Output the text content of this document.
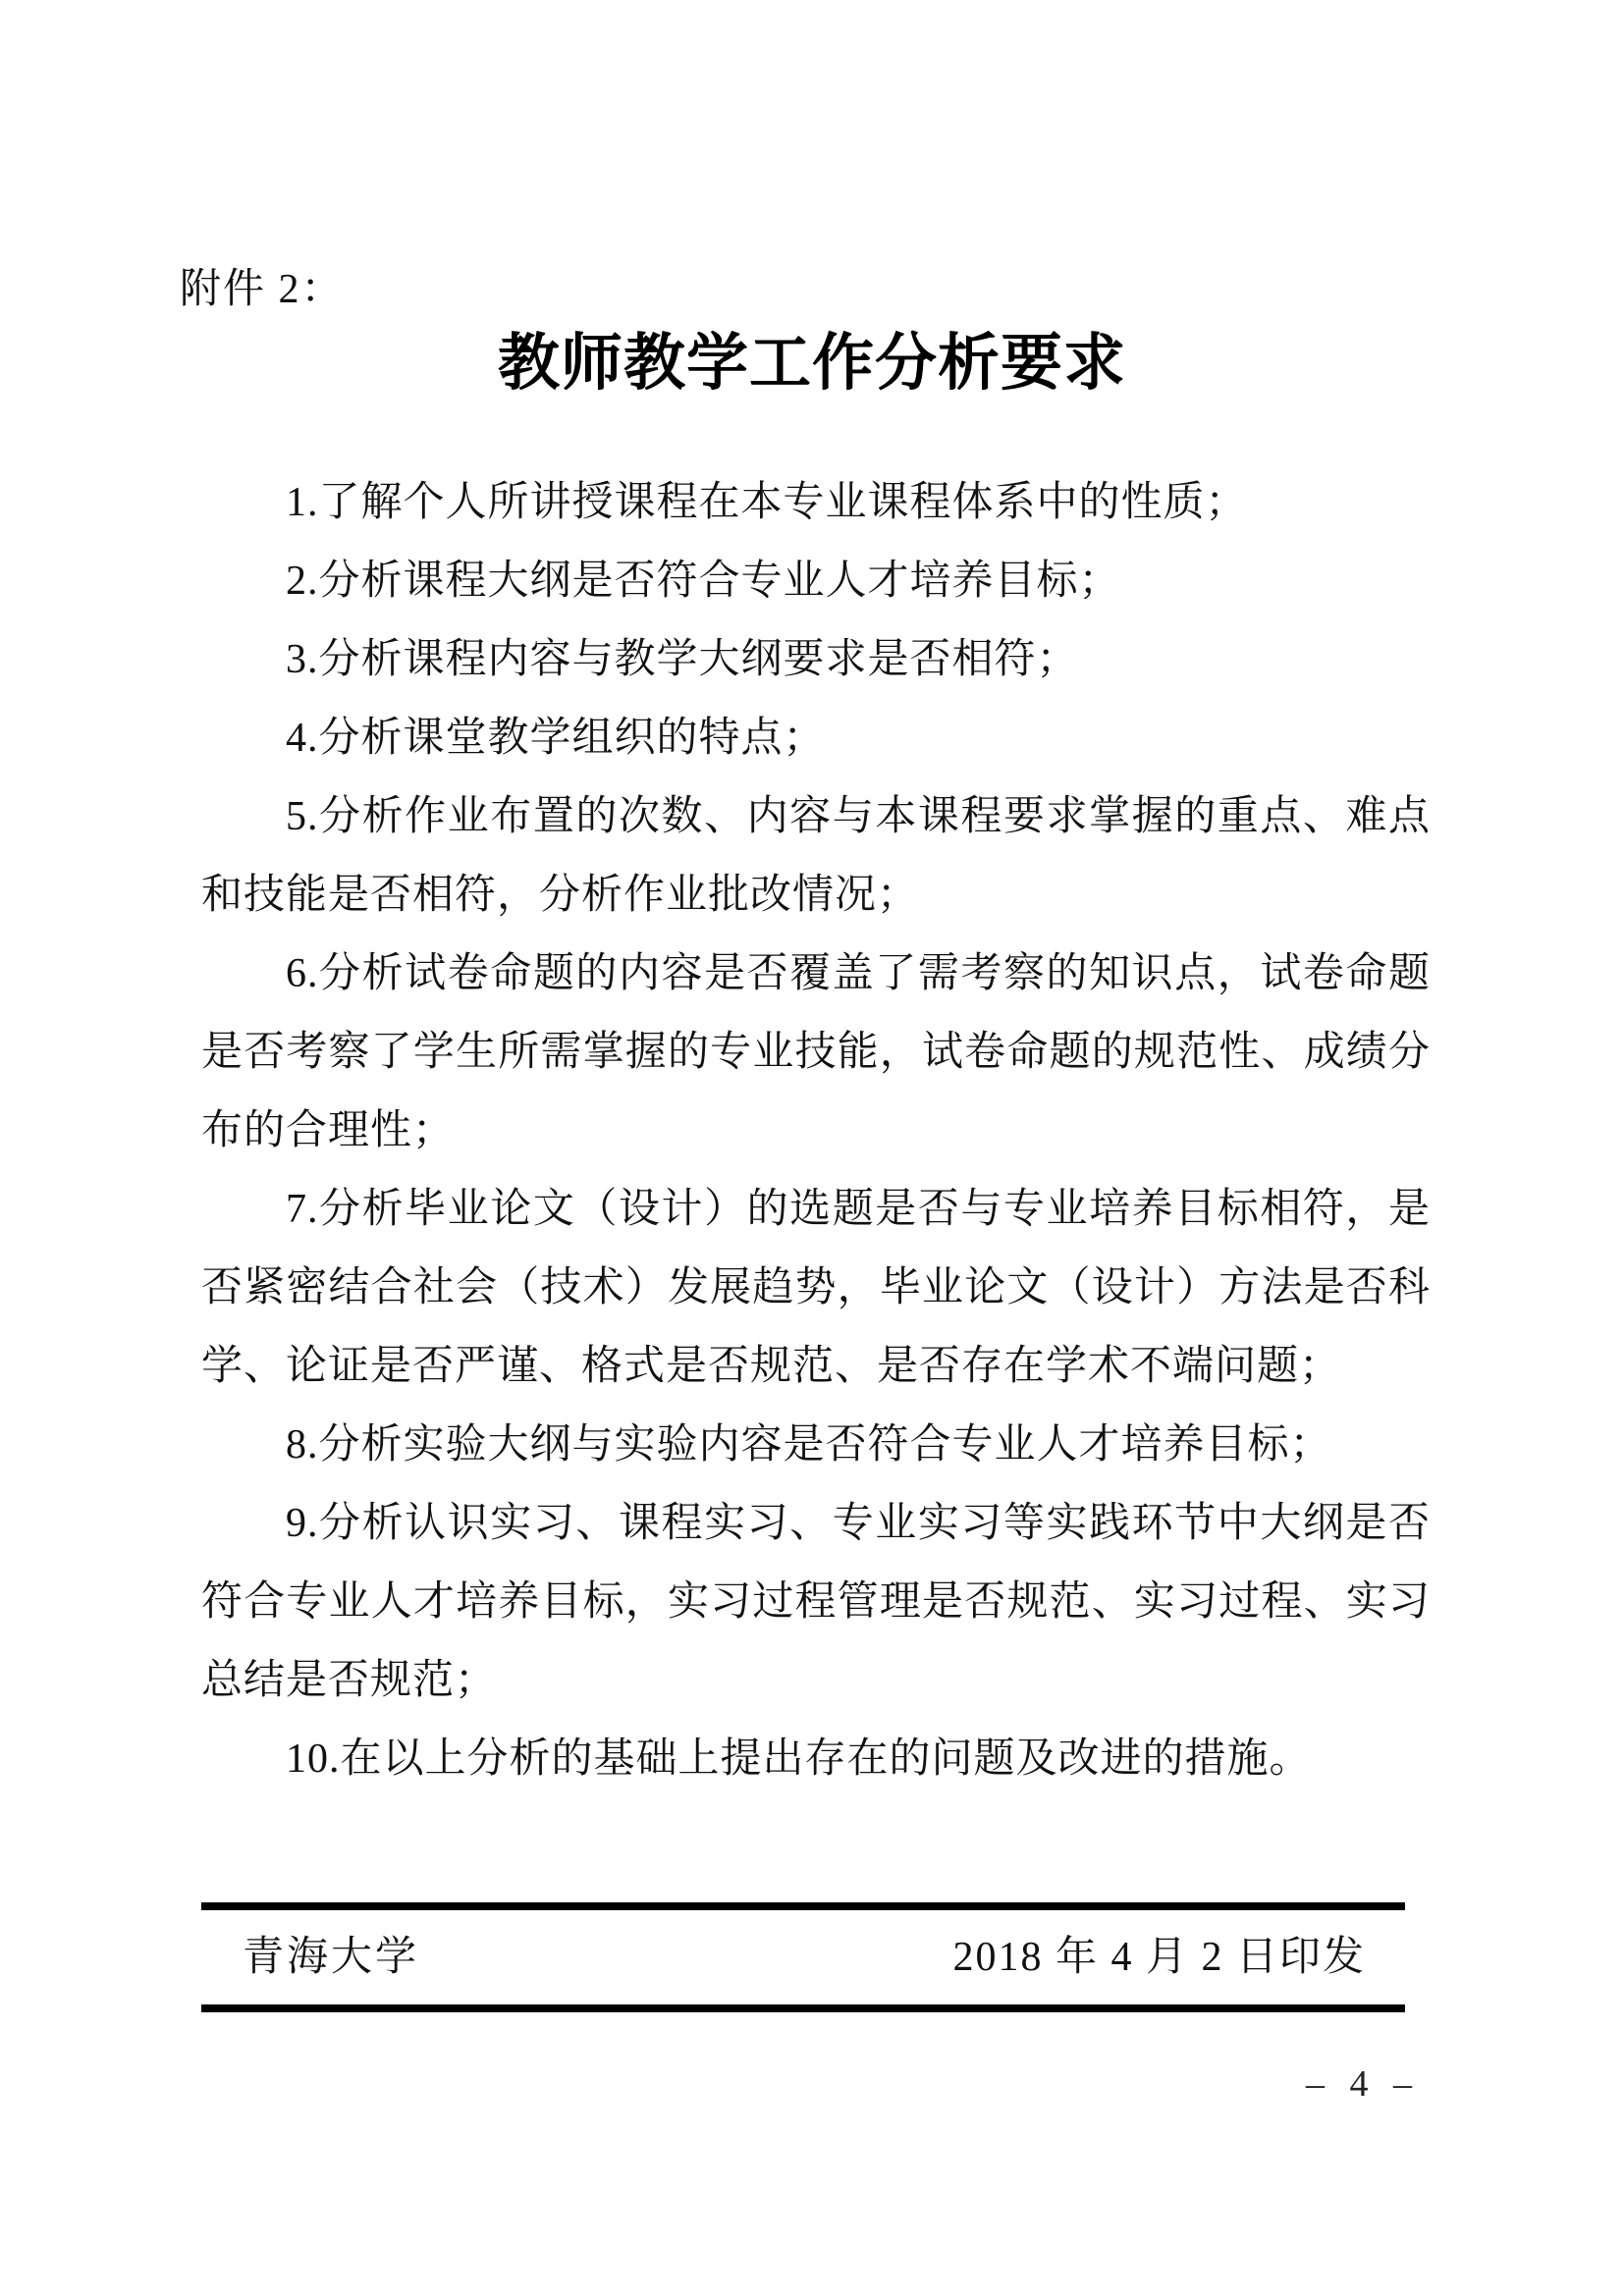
附件 2：
教师教学工作分析要求

1.了解个人所讲授课程在本专业课程体系中的性质；

2.分析课程大纲是否符合专业人才培养目标；

3.分析课程内容与教学大纲要求是否相符；

4.分析课堂教学组织的特点；

5.分析作业布置的次数、内容与本课程要求掌握的重点、难点和技能是否相符，分析作业批改情况；

6.分析试卷命题的内容是否覆盖了需考察的知识点，试卷命题是否考察了学生所需掌握的专业技能，试卷命题的规范性、成绩分布的合理性；

7.分析毕业论文（设计）的选题是否与专业培养目标相符，是否紧密结合社会（技术）发展趋势，毕业论文（设计）方法是否科学、论证是否严谨、格式是否规范、是否存在学术不端问题；

8.分析实验大纲与实验内容是否符合专业人才培养目标；

9.分析认识实习、课程实习、专业实习等实践环节中大纲是否符合专业人才培养目标，实习过程管理是否规范、实习过程、实习总结是否规范；

10.在以上分析的基础上提出存在的问题及改进的措施。

青海大学	2018 年 4 月 2 日印发
– 4 –
